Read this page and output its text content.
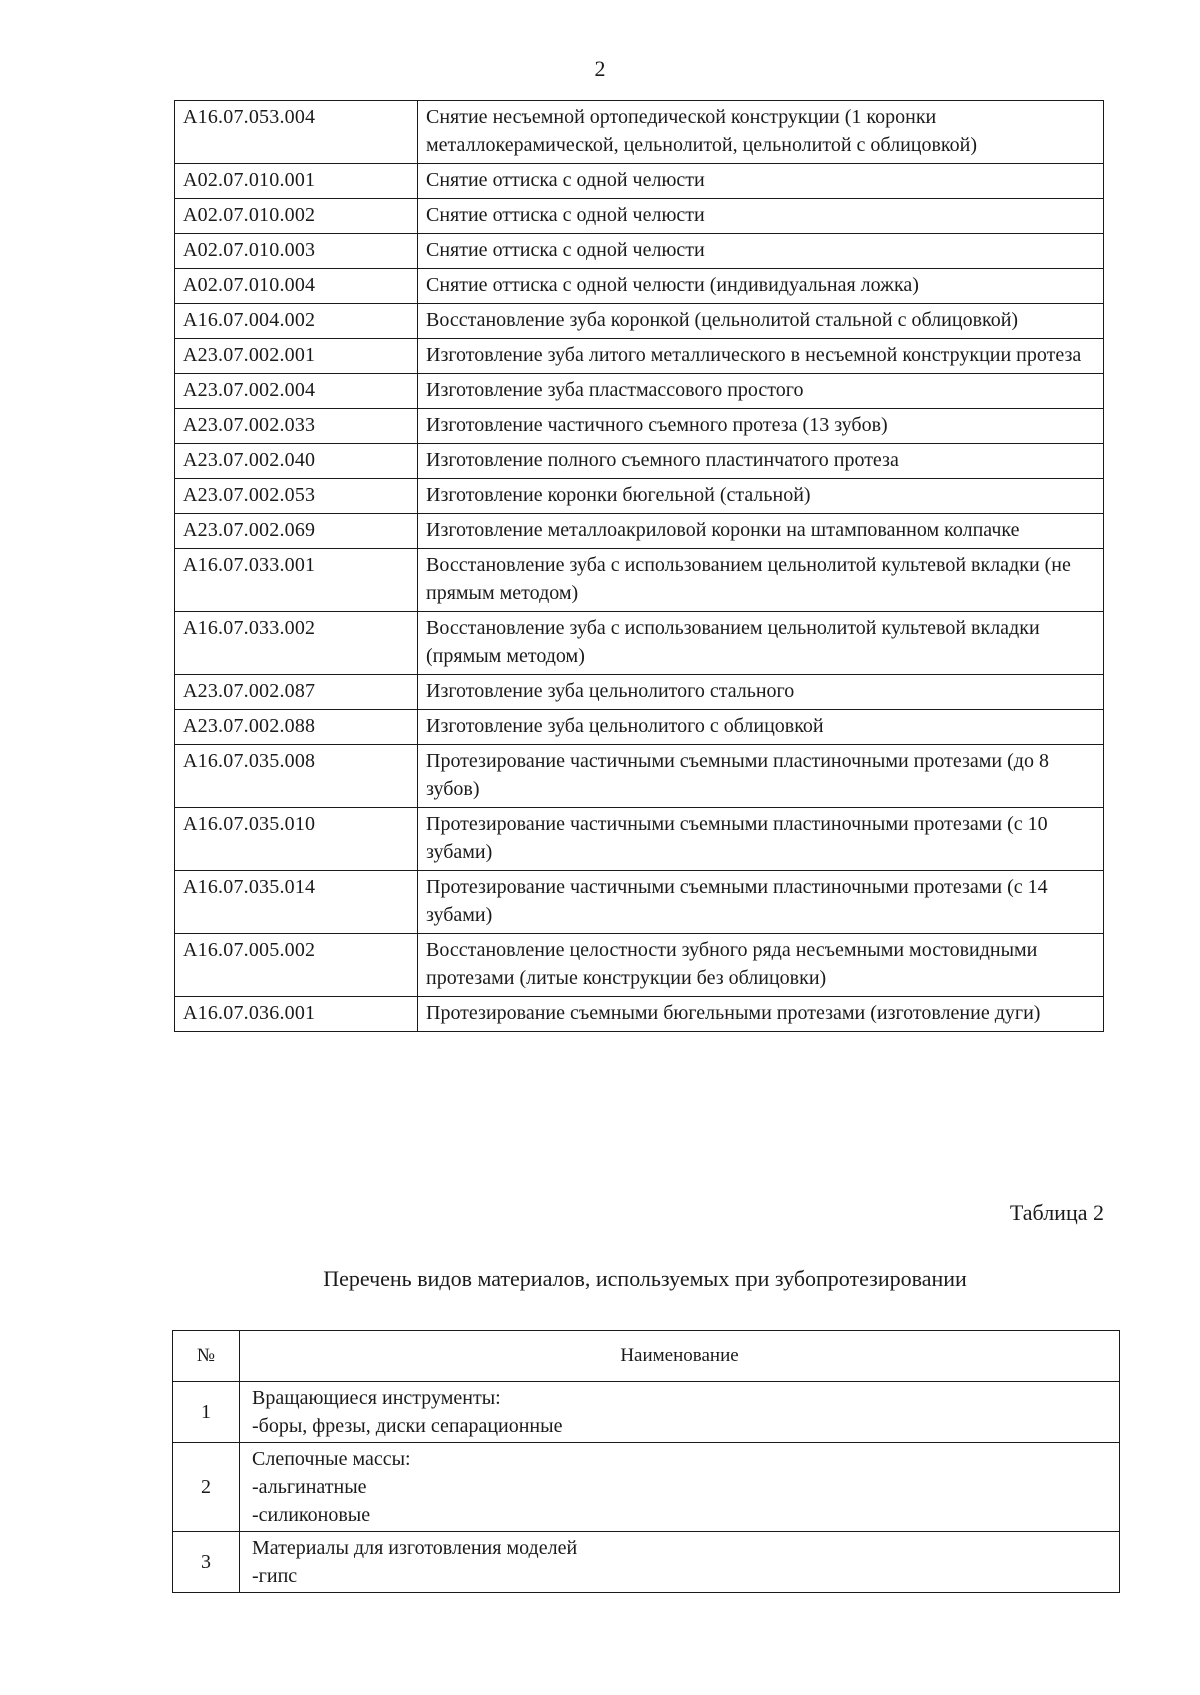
2
А16.07.053.004	Снятие несъемной ортопедической конструкции (1 коронки металлокерамической, цельнолитой, цельнолитой с облицовкой)
А02.07.010.001	Снятие оттиска с одной челюсти
А02.07.010.002	Снятие оттиска с одной челюсти
А02.07.010.003	Снятие оттиска с одной челюсти
А02.07.010.004	Снятие оттиска с одной челюсти (индивидуальная ложка)
А16.07.004.002	Восстановление зуба коронкой (цельнолитой стальной с облицовкой)
А23.07.002.001	Изготовление зуба литого металлического в несъемной конструкции протеза
А23.07.002.004	Изготовление зуба пластмассового простого
А23.07.002.033	Изготовление частичного съемного протеза (13 зубов)
А23.07.002.040	Изготовление полного съемного пластинчатого протеза
А23.07.002.053	Изготовление коронки бюгельной (стальной)
А23.07.002.069	Изготовление металлоакриловой коронки на штампованном колпачке
А16.07.033.001	Восстановление зуба с использованием цельнолитой культевой вкладки (не прямым методом)
А16.07.033.002	Восстановление зуба с использованием цельнолитой культевой вкладки (прямым методом)
А23.07.002.087	Изготовление зуба цельнолитого стального
А23.07.002.088	Изготовление зуба цельнолитого с облицовкой
А16.07.035.008	Протезирование частичными съемными пластиночными протезами (до 8 зубов)
А16.07.035.010	Протезирование частичными съемными пластиночными протезами (с 10 зубами)
А16.07.035.014	Протезирование частичными съемными пластиночными протезами (с 14 зубами)
А16.07.005.002	Восстановление целостности зубного ряда несъемными мостовидными протезами (литые конструкции без облицовки)
А16.07.036.001	Протезирование съемными бюгельными протезами (изготовление дуги)
Таблица 2
Перечень видов материалов, используемых при зубопротезировании
№	Наименование
1	Вращающиеся инструменты:
-боры, фрезы, диски сепарационные

2	Слепочные массы:
-альгинатные
-силиконовые

3	Материалы для изготовления моделей
-гипс
